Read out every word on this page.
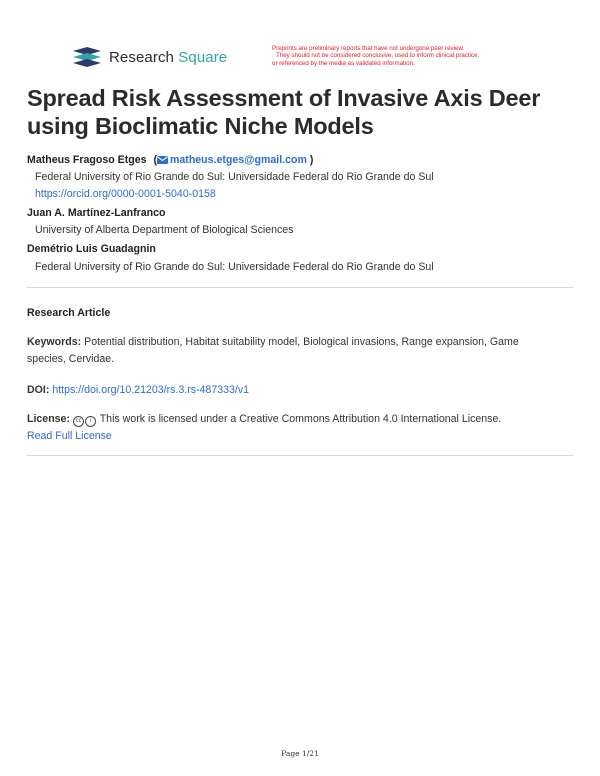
Research Square	Preprints are preliminary reports that have not undergone peer review.
They should not be considered conclusive, used to inform clinical practice,
or referenced by the media as validated information.
Spread Risk Assessment of Invasive Axis Deer using Bioclimatic Niche Models
Matheus Fragoso Etges ( matheus.etges@gmail.com )
Federal University of Rio Grande do Sul: Universidade Federal do Rio Grande do Sul
https://orcid.org/0000-0001-5040-0158
Juan A. Martínez-Lanfranco
University of Alberta Department of Biological Sciences
Demétrio Luis Guadagnin
Federal University of Rio Grande do Sul: Universidade Federal do Rio Grande do Sul
Research Article
Keywords: Potential distribution, Habitat suitability model, Biological invasions, Range expansion, Game
species, Cervidae.
DOI: https://doi.org/10.21203/rs.3.rs-487333/v1
License: cc i This work is licensed under a Creative Commons Attribution 4.0 International License.
Read Full License
Page 1/21
